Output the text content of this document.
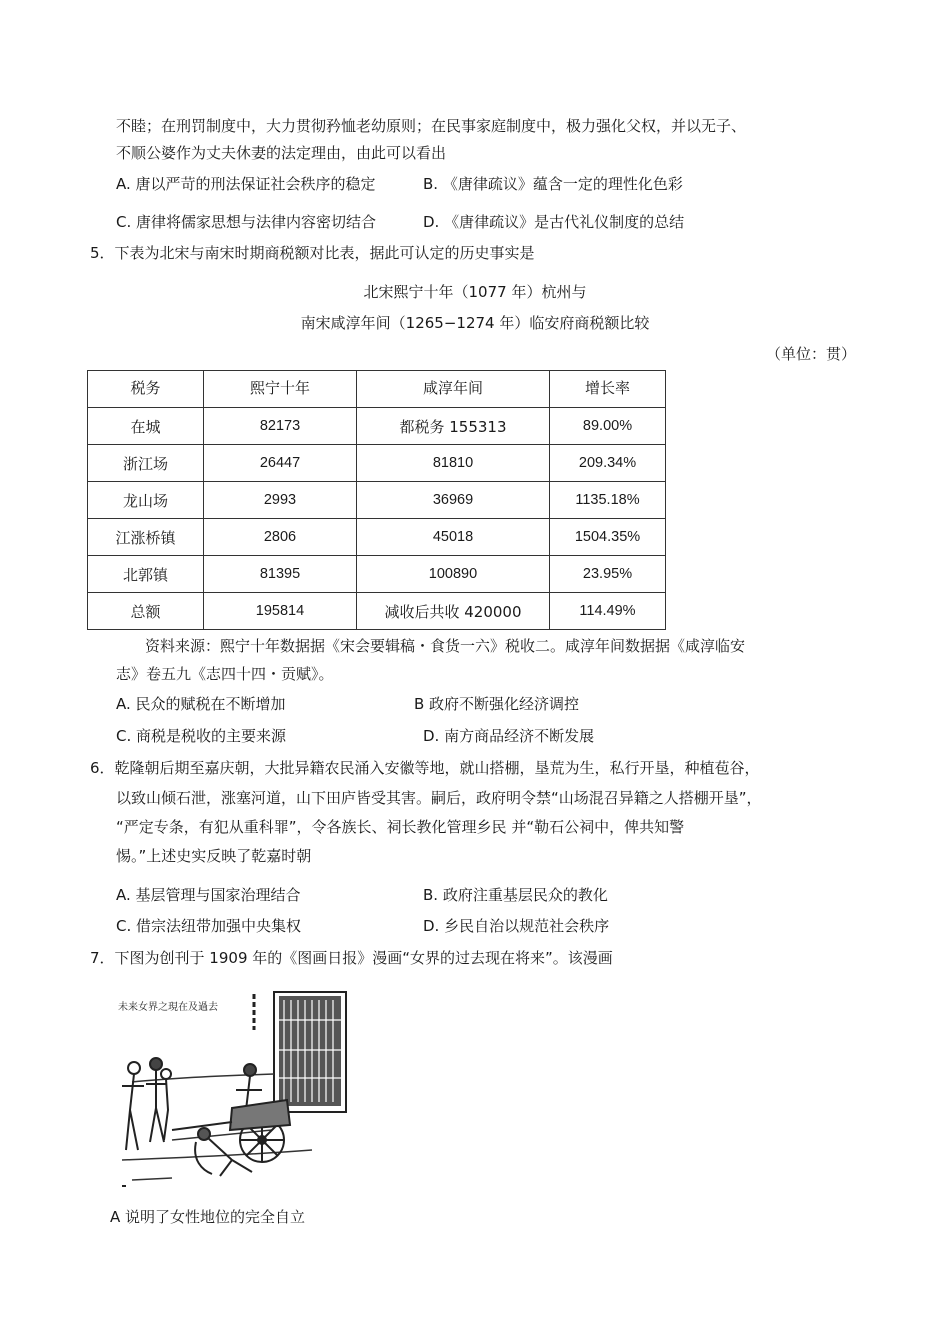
不睦；在刑罚制度中，大力贯彻矜恤老幼原则；在民事家庭制度中，极力强化父权，并以无子、
不顺公婆作为丈夫休妻的法定理由，由此可以看出
A. 唐以严苛的刑法保证社会秩序的稳定	B. 《唐律疏议》蕴含一定的理性化色彩
C. 唐律将儒家思想与法律内容密切结合	D. 《唐律疏议》是古代礼仪制度的总结
5．下表为北宋与南宋时期商税额对比表，据此可认定的历史事实是
北宋熙宁十年（1077 年）杭州与
南宋咸淳年间（1265−1274 年）临安府商税额比较
（单位：贯）
税务	熙宁十年	咸淳年间	增长率
在城	82173	都税务 155313	89.00%
浙江场	26447	81810	209.34%
龙山场	2993	36969	1135.18%
江涨桥镇	2806	45018	1504.35%
北郭镇	81395	100890	23.95%
总额	195814	减收后共收 420000	114.49%
资料来源：熙宁十年数据据《宋会要辑稿・食货一六》税收二。咸淳年间数据据《咸淳临安
志》卷五九《志四十四・贡赋》。
A. 民众的赋税在不断增加	B 政府不断强化经济调控
C. 商税是税收的主要来源	D. 南方商品经济不断发展
6．乾隆朝后期至嘉庆朝，大批异籍农民涌入安徽等地，就山搭棚，垦荒为生，私行开垦，种植苞谷，
以致山倾石泄，涨塞河道，山下田庐皆受其害。嗣后，政府明令禁“山场混召异籍之人搭棚开垦”，
“严定专条，有犯从重科罪”，令各族长、祠长教化管理乡民 并“勒石公祠中，俾共知警
惕。”上述史实反映了乾嘉时朝
A. 基层管理与国家治理结合	B. 政府注重基层民众的教化
C. 借宗法纽带加强中央集权	D. 乡民自治以规范社会秩序
7．下图为创刊于 1909 年的《图画日报》漫画“女界的过去现在将来”。该漫画
未来女界之現在及過去
A 说明了女性地位的完全自立
